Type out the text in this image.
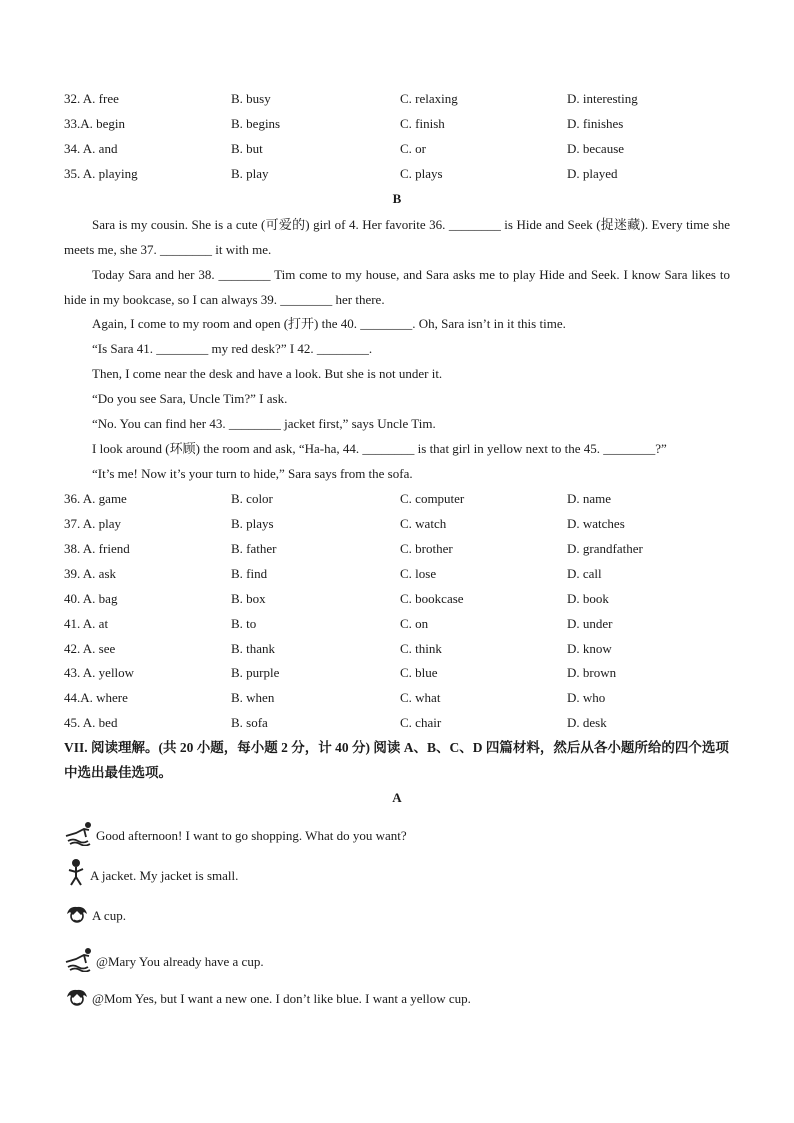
32. A. free	B. busy	C. relaxing	D. interesting
33.A. begin	B. begins	C. finish	D. finishes
34. A. and	B. but	C. or	D. because
35. A. playing	B. play	C. plays	D. played
B

Sara is my cousin. She is a cute (可爱的) girl of 4. Her favorite 36. ________ is Hide and Seek (捉迷藏). Every time she meets me, she 37. ________ it with me.

Today Sara and her 38. ________ Tim come to my house, and Sara asks me to play Hide and Seek. I know Sara likes to hide in my bookcase, so I can always 39. ________ her there.

Again, I come to my room and open (打开) the 40. ________. Oh, Sara isn’t in it this time.
“Is Sara 41. ________ my red desk?” I 42. ________.
Then, I come near the desk and have a look. But she is not under it.
“Do you see Sara, Uncle Tim?” I ask.
“No. You can find her 43. ________ jacket first,” says Uncle Tim.
I look around (环顾) the room and ask, “Ha-ha, 44. ________ is that girl in yellow next to the 45. ________?”
“It’s me! Now it’s your turn to hide,” Sara says from the sofa.
36. A. game	B. color	C. computer	D. name
37. A. play	B. plays	C. watch	D. watches
38. A. friend	B. father	C. brother	D. grandfather
39. A. ask	B. find	C. lose	D. call
40. A. bag	B. box	C. bookcase	D. book
41. A. at	B. to	C. on	D. under
42. A. see	B. thank	C. think	D. know
43. A. yellow	B. purple	C. blue	D. brown
44.A. where	B. when	C. what	D. who
45. A. bed	B. sofa	C. chair	D. desk

VII. 阅读理解。(共 20 小题，每小题 2 分，计 40 分) 阅读 A、B、C、D 四篇材料，然后从各小题所给的四个选项中选出最佳选项。

A
Good afternoon! I want to go shopping. What do you want?
A jacket. My jacket is small.
A cup.
@Mary You already have a cup.
@Mom Yes, but I want a new one. I don’t like blue. I want a yellow cup.
